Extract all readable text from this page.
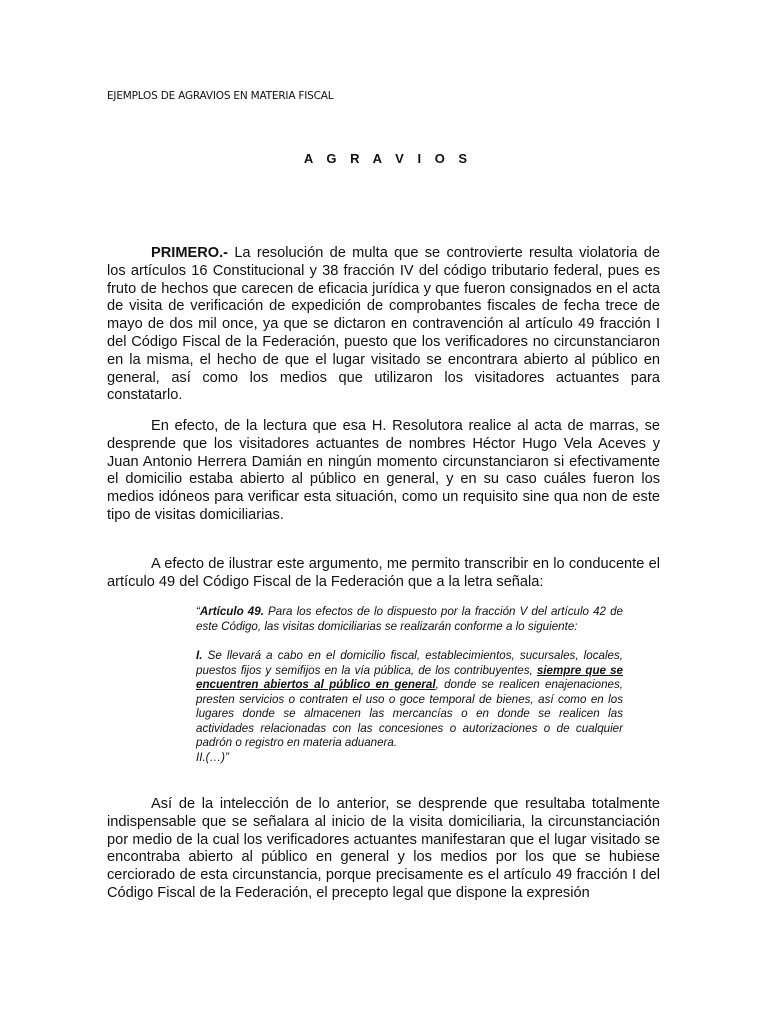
EJEMPLOS DE AGRAVIOS EN MATERIA FISCAL
A G R A V I O S

PRIMERO.- La resolución de multa que se controvierte resulta violatoria de los artículos 16 Constitucional y 38 fracción IV del código tributario federal, pues es fruto de hechos que carecen de eficacia jurídica y que fueron consignados en el acta de visita de verificación de expedición de comprobantes fiscales de fecha trece de mayo de dos mil once, ya que se dictaron en contravención al artículo 49 fracción I del Código Fiscal de la Federación, puesto que los verificadores no circunstanciaron en la misma, el hecho de que el lugar visitado se encontrara abierto al público en general, así como los medios que utilizaron los visitadores actuantes para constatarlo.

En efecto, de la lectura que esa H. Resolutora realice al acta de marras, se desprende que los visitadores actuantes de nombres Héctor Hugo Vela Aceves y Juan Antonio Herrera Damián en ningún momento circunstanciaron si efectivamente el domicilio estaba abierto al público en general, y en su caso cuáles fueron los medios idóneos para verificar esta situación, como un requisito sine qua non de este tipo de visitas domiciliarias.

A efecto de ilustrar este argumento, me permito transcribir en lo conducente el artículo 49 del Código Fiscal de la Federación que a la letra señala:

“Artículo 49. Para los efectos de lo dispuesto por la fracción V del artículo 42 de este Código, las visitas domiciliarias se realizarán conforme a lo siguiente:

I. Se llevará a cabo en el domicilio fiscal, establecimientos, sucursales, locales, puestos fijos y semifijos en la vía pública, de los contribuyentes, siempre que se encuentren abiertos al público en general, donde se realicen enajenaciones, presten servicios o contraten el uso o goce temporal de bienes, así como en los lugares donde se almacenen las mercancías o en donde se realicen las actividades relacionadas con las concesiones o autorizaciones o de cualquier padrón o registro en materia aduanera.

II.(…)”

Así de la intelección de lo anterior, se desprende que resultaba totalmente indispensable que se señalara al inicio de la visita domiciliaria, la circunstanciación por medio de la cual los verificadores actuantes manifestaran que el lugar visitado se encontraba abierto al público en general y los medios por los que se hubiese cerciorado de esta circunstancia, porque precisamente es el artículo 49 fracción I del Código Fiscal de la Federación, el precepto legal que dispone la expresión
